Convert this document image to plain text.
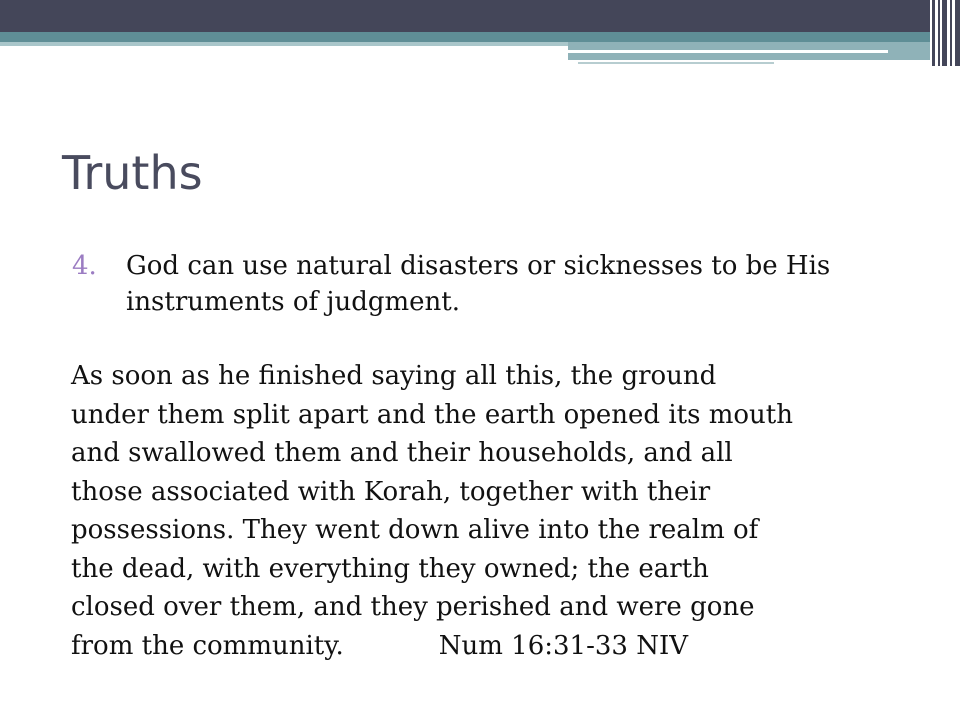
Truths
4. God can use natural disasters or sicknesses to be His instruments of judgment.
As soon as he finished saying all this, the ground
under them split apart and the earth opened its mouth
and swallowed them and their households, and all
those associated with Korah, together with their
possessions. They went down alive into the realm of
the dead, with everything they owned; the earth
closed over them, and they perished and were gone
from the community.	Num 16:31-33 NIV
